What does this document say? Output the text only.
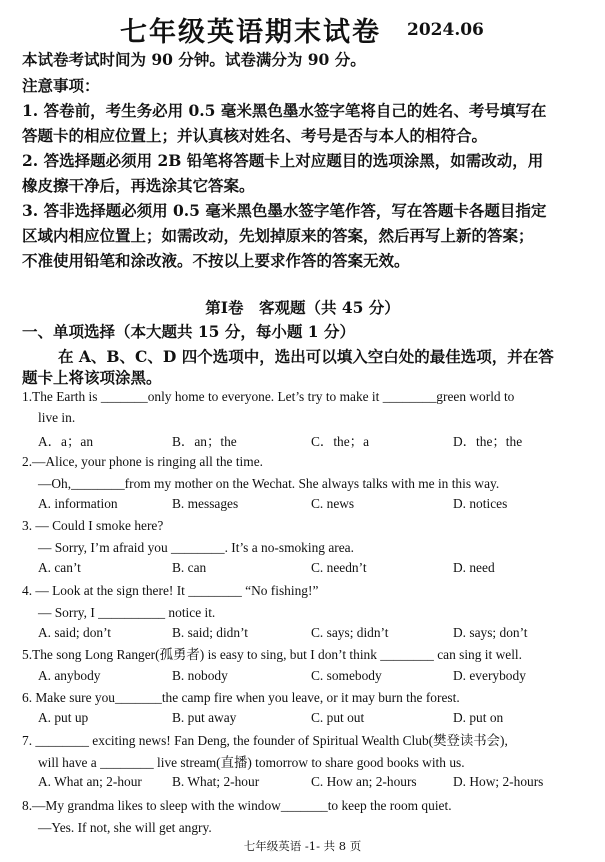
七年级英语期末试卷 2024.06
本试卷考试时间为 90 分钟。试卷满分为 90 分。
注意事项：
1. 答卷前，考生务必用 0.5 毫米黑色墨水签字笔将自己的姓名、考号填写在
答题卡的相应位置上；并认真核对姓名、考号是否与本人的相符合。
2. 答选择题必须用 2B 铅笔将答题卡上对应题目的选项涂黑，如需改动，用
橡皮擦干净后，再选涂其它答案。
3. 答非选择题必须用 0.5 毫米黑色墨水签字笔作答，写在答题卡各题目指定
区域内相应位置上；如需改动，先划掉原来的答案，然后再写上新的答案；
不准使用铅笔和涂改液。不按以上要求作答的答案无效。
第Ⅰ卷　客观题（共 45 分）
一、单项选择（本大题共 15 分，每小题 1 分）
在 A、B、C、D 四个选项中，选出可以填入空白处的最佳选项，并在答
题卡上将该项涂黑。
1.The Earth is _______only home to everyone. Let’s try to make it ________green world to
live in.
A．a；an	B．an；the	C．the；a	D．the；the
2.—Alice, your phone is ringing all the time.
—Oh,________from my mother on the Wechat. She always talks with me in this way.
A. information	B. messages	C. news	D. notices
3. — Could I smoke here?
— Sorry, I’m afraid you ________. It’s a no-smoking area.
A. can’t	B. can	C. needn’t	D. need
4. — Look at the sign there! It ________ “No fishing!”
— Sorry, I __________ notice it.
A. said; don’t	B. said; didn’t	C. says; didn’t	D. says; don’t
5.The song Long Ranger(孤勇者) is easy to sing, but I don’t think ________ can sing it well.
A. anybody	B. nobody	C. somebody	D. everybody
6. Make sure you_______the camp fire when you leave, or it may burn the forest.
A. put up	B. put away	C. put out	D. put on
7. ________ exciting news! Fan Deng, the founder of Spiritual Wealth Club(樊登读书会),
will have a ________ live stream(直播) tomorrow to share good books with us.
A. What an; 2-hour B. What; 2-hour	C. How an; 2-hours	D. How; 2-hours
8.—My grandma likes to sleep with the window_______to keep the room quiet.
—Yes. If not, she will get angry.
七年级英语 -1- 共 8 页
